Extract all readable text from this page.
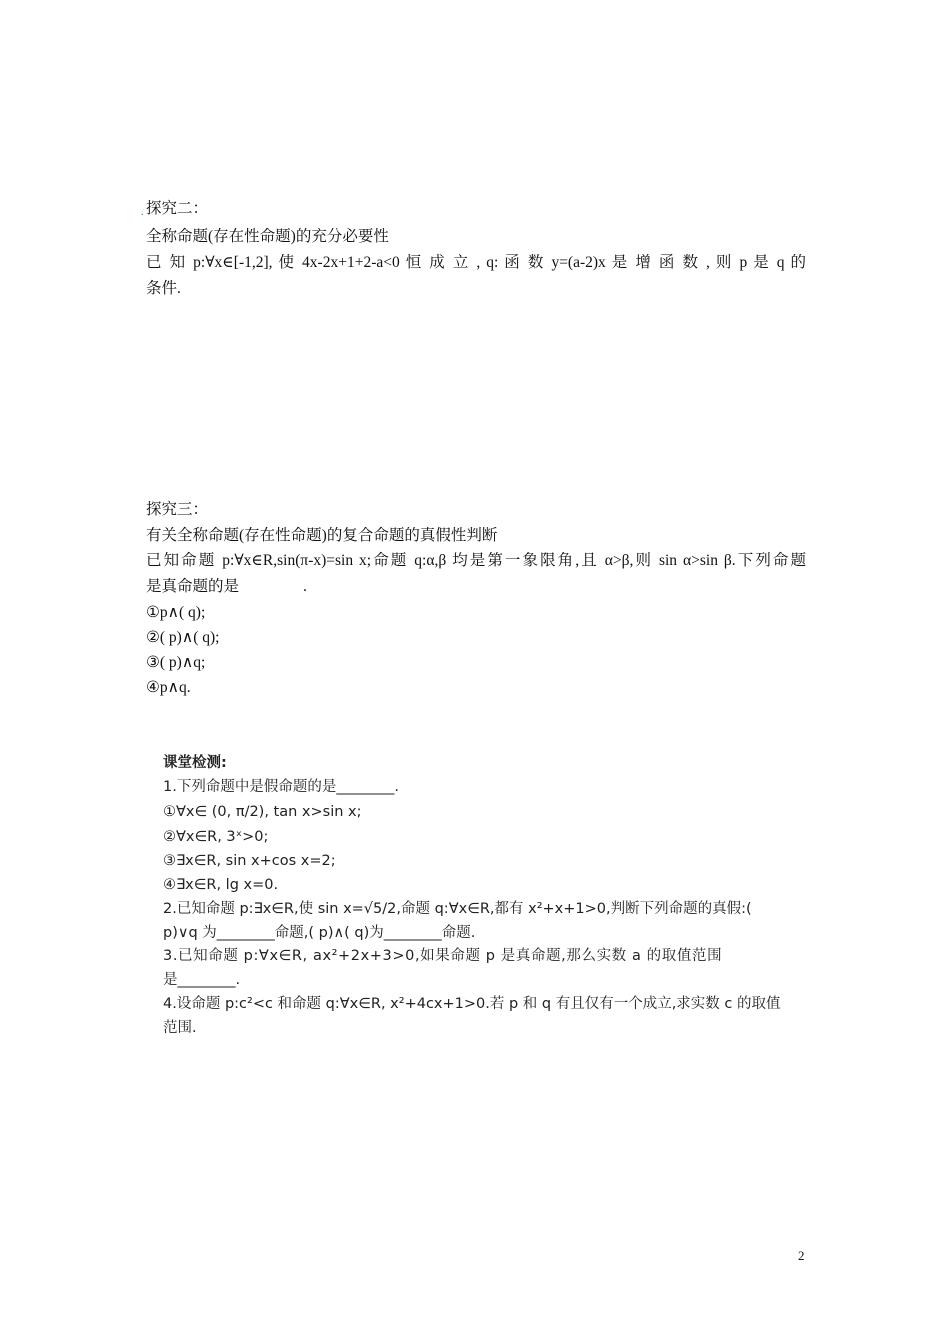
. 探究二：
全称命题(存在性命题)的充分必要性
已 知 p:∀x∈[-1,2], 使 4x-2x+1+2-a<0 恒 成 立 , q: 函 数 y=(a-2)x 是 增 函 数 , 则 p 是 q 的
条件.
探究三：
有关全称命题(存在性命题)的复合命题的真假性判断
已知命题 p:∀x∈R,sin(π-x)=sin x;命题 q:α,β 均是第一象限角,且 α>β,则 sin α>sin β.下列命题
是真命题的是	.
①p∧( q);
②( p)∧( q);
③( p)∧q;
④p∧q.
课堂检测:
1.下列命题中是假命题的是________.
①∀x∈ (0, π/2), tan x>sin x;
②∀x∈R, 3ˣ>0;
③∃x∈R, sin x+cos x=2;
④∃x∈R, lg x=0.
2.已知命题 p:∃x∈R,使 sin x=√5/2,命题 q:∀x∈R,都有 x²+x+1>0,判断下列命题的真假:(
p)∨q 为________命题,( p)∧( q)为________命题.
3.已知命题 p:∀x∈R, ax²+2x+3>0,如果命题 p 是真命题,那么实数 a 的取值范围
是________.
4.设命题 p:c²<c 和命题 q:∀x∈R, x²+4cx+1>0.若 p 和 q 有且仅有一个成立,求实数 c 的取值
范围.
2
